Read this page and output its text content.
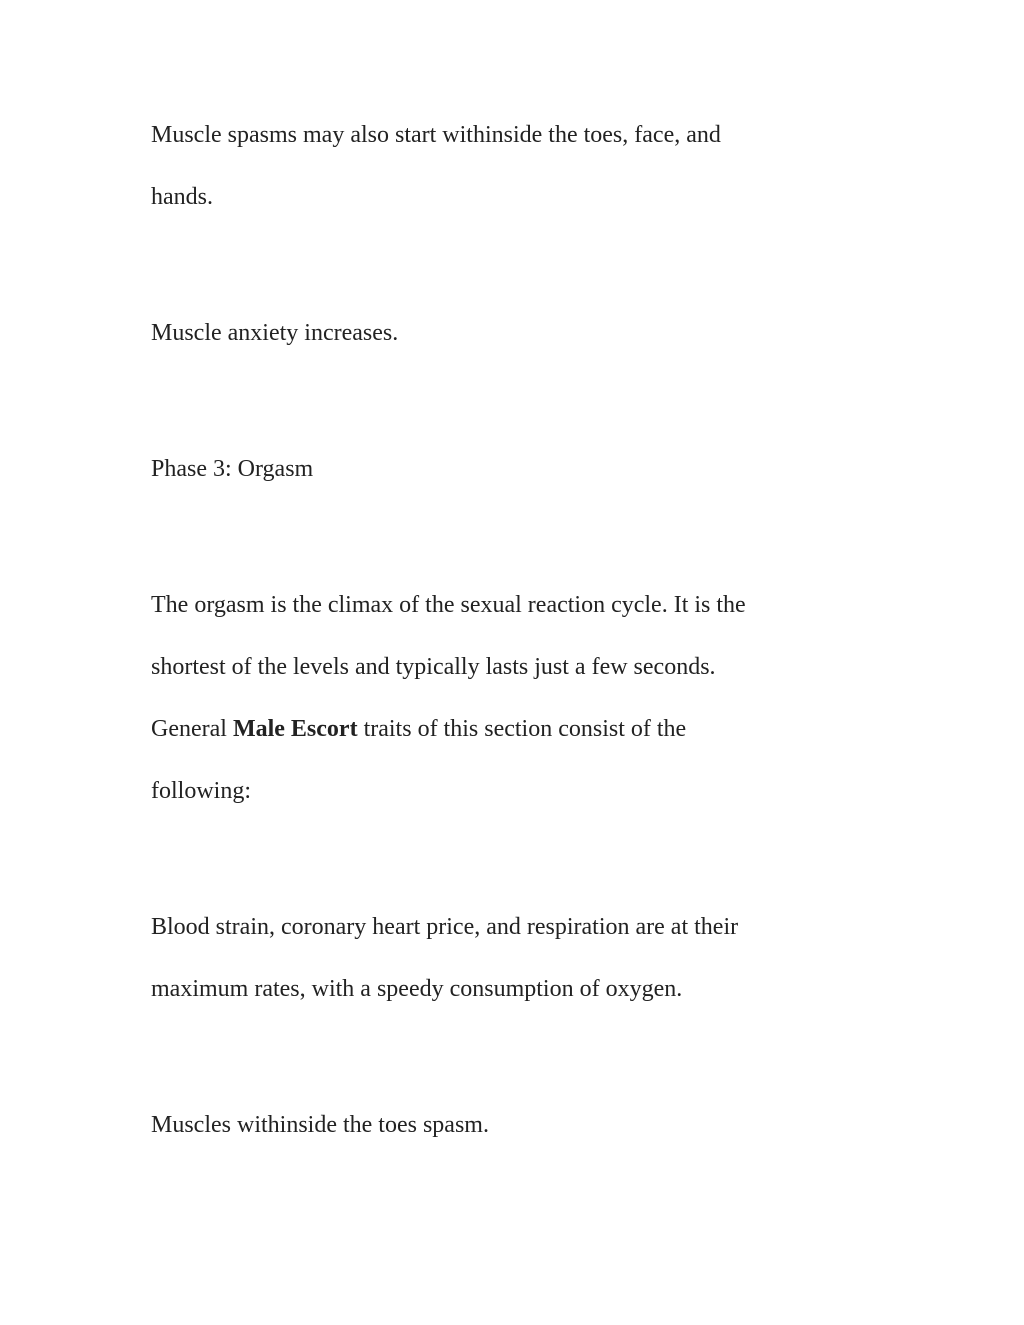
Muscle spasms may also start withinside the toes, face, and
hands.
Muscle anxiety increases.
Phase 3: Orgasm
The orgasm is the climax of the sexual reaction cycle. It is the
shortest of the levels and typically lasts just a few seconds.
General Male Escort traits of this section consist of the
following:
Blood strain, coronary heart price, and respiration are at their
maximum rates, with a speedy consumption of oxygen.
Muscles withinside the toes spasm.
